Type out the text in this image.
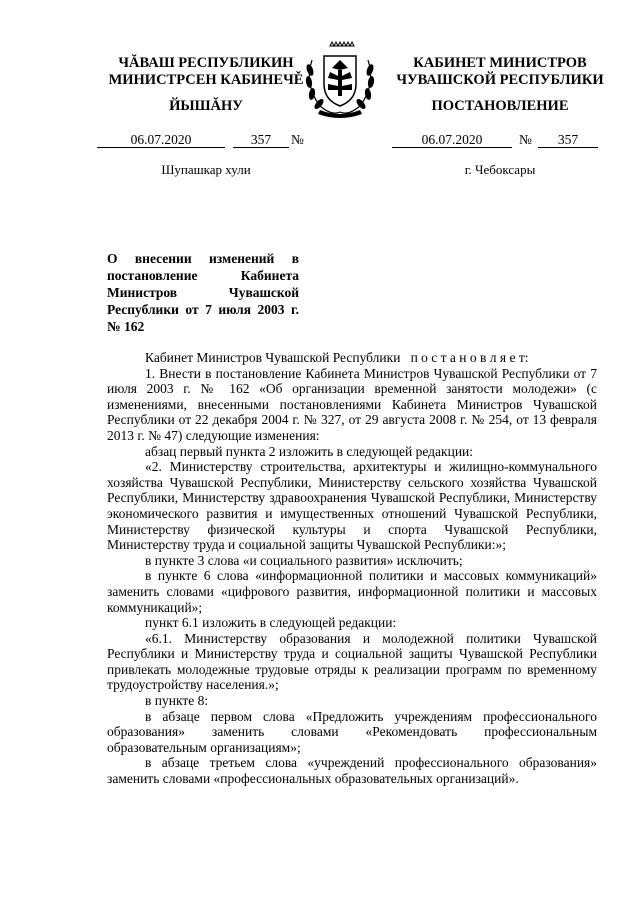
ЧĂВАШ РЕСПУБЛИКИН
МИНИСТРСЕН КАБИНЕЧĚ
КАБИНЕТ МИНИСТРОВ
ЧУВАШСКОЙ РЕСПУБЛИКИ
ЙЫШĂНУ	ПОСТАНОВЛЕНИЕ
06.07.2020	357	№	06.07.2020	№	357
Шупашкар хули	г. Чебоксары
О внесении изменений в постановление Кабинета Министров Чувашской Республики от 7 июля 2003 г. № 162

Кабинет Министров Чувашской Республики п о с т а н о в л я е т:

1. Внести в постановление Кабинета Министров Чувашской Республики от 7 июля 2003 г. № 162 «Об организации временной занятости молодежи» (с изменениями, внесенными постановлениями Кабинета Министров Чувашской Республики от 22 декабря 2004 г. № 327, от 29 августа 2008 г. № 254, от 13 февраля 2013 г. № 47) следующие изменения:

абзац первый пункта 2 изложить в следующей редакции:

«2. Министерству строительства, архитектуры и жилищно-коммунального хозяйства Чувашской Республики, Министерству сельского хозяйства Чувашской Республики, Министерству здравоохранения Чувашской Республики, Министерству экономического развития и имущественных отношений Чувашской Республики, Министерству физической культуры и спорта Чувашской Республики, Министерству труда и социальной защиты Чувашской Республики:»;

в пункте 3 слова «и социального развития» исключить;

в пункте 6 слова «информационной политики и массовых коммуникаций» заменить словами «цифрового развития, информационной политики и массовых коммуникаций»;

пункт 6.1 изложить в следующей редакции:

«6.1. Министерству образования и молодежной политики Чувашской Республики и Министерству труда и социальной защиты Чувашской Республики привлекать молодежные трудовые отряды к реализации программ по временному трудоустройству населения.»;

в пункте 8:

в абзаце первом слова «Предложить учреждениям профессионального образования» заменить словами «Рекомендовать профессиональным образовательным организациям»;

в абзаце третьем слова «учреждений профессионального образования» заменить словами «профессиональных образовательных организаций».
